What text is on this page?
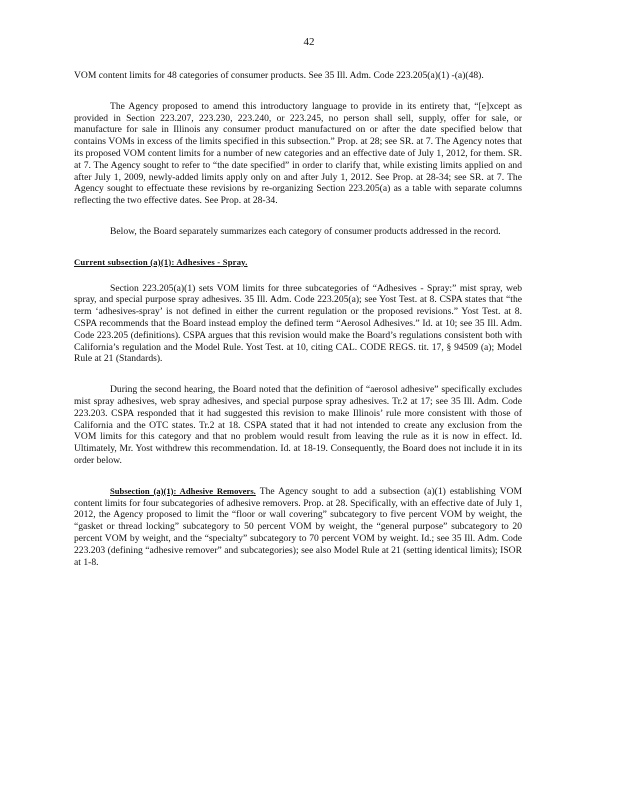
42

VOM content limits for 48 categories of consumer products. See 35 Ill. Adm. Code 223.205(a)(1) -(a)(48).

The Agency proposed to amend this introductory language to provide in its entirety that, “[e]xcept as provided in Section 223.207, 223.230, 223.240, or 223.245, no person shall sell, supply, offer for sale, or manufacture for sale in Illinois any consumer product manufactured on or after the date specified below that contains VOMs in excess of the limits specified in this subsection.” Prop. at 28; see SR. at 7. The Agency notes that its proposed VOM content limits for a number of new categories and an effective date of July 1, 2012, for them. SR. at 7. The Agency sought to refer to “the date specified” in order to clarify that, while existing limits applied on and after July 1, 2009, newly-added limits apply only on and after July 1, 2012. See Prop. at 28-34; see SR. at 7. The Agency sought to effectuate these revisions by re-organizing Section 223.205(a) as a table with separate columns reflecting the two effective dates. See Prop. at 28-34.

Below, the Board separately summarizes each category of consumer products addressed in the record.

Current subsection (a)(1): Adhesives - Spray.

Section 223.205(a)(1) sets VOM limits for three subcategories of “Adhesives - Spray:” mist spray, web spray, and special purpose spray adhesives. 35 Ill. Adm. Code 223.205(a); see Yost Test. at 8. CSPA states that “the term ‘adhesives-spray’ is not defined in either the current regulation or the proposed revisions.” Yost Test. at 8. CSPA recommends that the Board instead employ the defined term “Aerosol Adhesives.” Id. at 10; see 35 Ill. Adm. Code 223.205 (definitions). CSPA argues that this revision would make the Board’s regulations consistent both with California’s regulation and the Model Rule. Yost Test. at 10, citing CAL. CODE REGS. tit. 17, § 94509 (a); Model Rule at 21 (Standards).

During the second hearing, the Board noted that the definition of “aerosol adhesive” specifically excludes mist spray adhesives, web spray adhesives, and special purpose spray adhesives. Tr.2 at 17; see 35 Ill. Adm. Code 223.203. CSPA responded that it had suggested this revision to make Illinois’ rule more consistent with those of California and the OTC states. Tr.2 at 18. CSPA stated that it had not intended to create any exclusion from the VOM limits for this category and that no problem would result from leaving the rule as it is now in effect. Id. Ultimately, Mr. Yost withdrew this recommendation. Id. at 18-19. Consequently, the Board does not include it in its order below.

Subsection (a)(1): Adhesive Removers. The Agency sought to add a subsection (a)(1) establishing VOM content limits for four subcategories of adhesive removers. Prop. at 28. Specifically, with an effective date of July 1, 2012, the Agency proposed to limit the “floor or wall covering” subcategory to five percent VOM by weight, the “gasket or thread locking” subcategory to 50 percent VOM by weight, the “general purpose” subcategory to 20 percent VOM by weight, and the “specialty” subcategory to 70 percent VOM by weight. Id.; see 35 Ill. Adm. Code 223.203 (defining “adhesive remover” and subcategories); see also Model Rule at 21 (setting identical limits); ISOR at 1-8.
